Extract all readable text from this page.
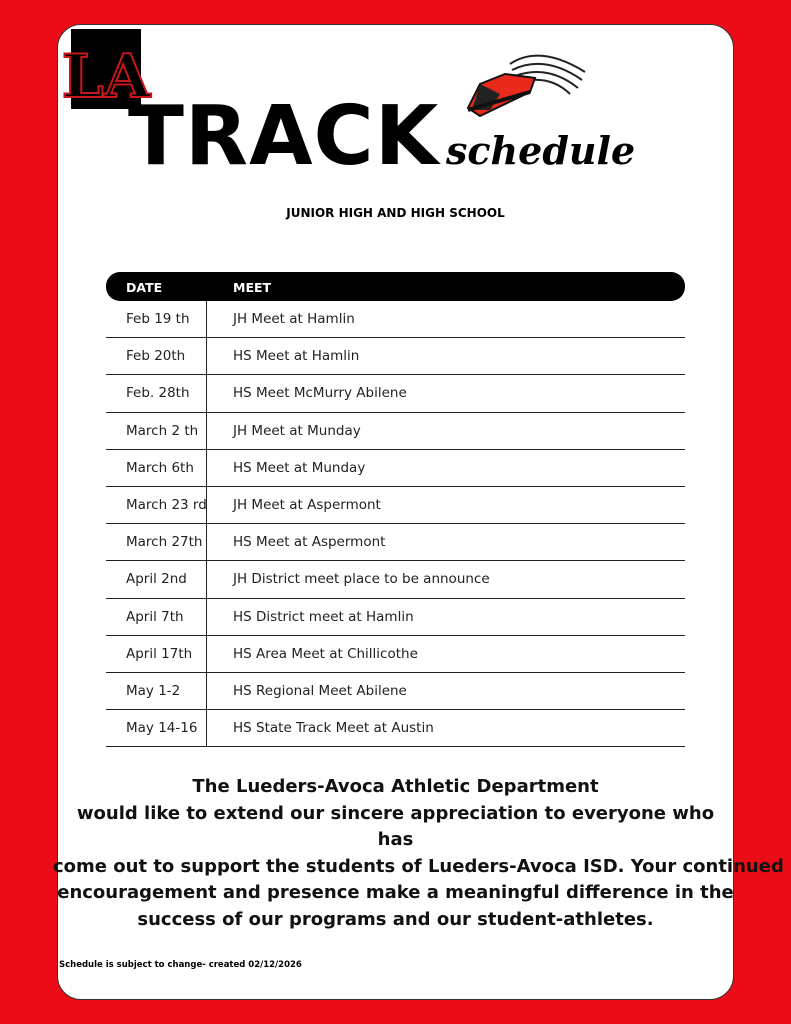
LA
TRACK schedule
JUNIOR HIGH AND HIGH SCHOOL
DATE	MEET
Feb 19 th	JH Meet at Hamlin
Feb 20th	HS Meet at Hamlin
Feb. 28th	HS Meet McMurry Abilene
March 2 th	JH Meet at Munday
March 6th	HS Meet at Munday
March 23 rd JH Meet at Aspermont
March 27th	HS Meet at Aspermont
April 2nd	JH District meet place to be announce
April 7th	HS District meet at Hamlin
April 17th	HS Area Meet at Chillicothe
May 1-2	HS Regional Meet Abilene
May 14-16	HS State Track Meet at Austin
The Lueders-Avoca Athletic Department
would like to extend our sincere appreciation to everyone who has
come out to support the students of Lueders-Avoca ISD. Your continued
encouragement and presence make a meaningful difference in the
success of our programs and our student-athletes.
Schedule is subject to change- created 02/12/2026
